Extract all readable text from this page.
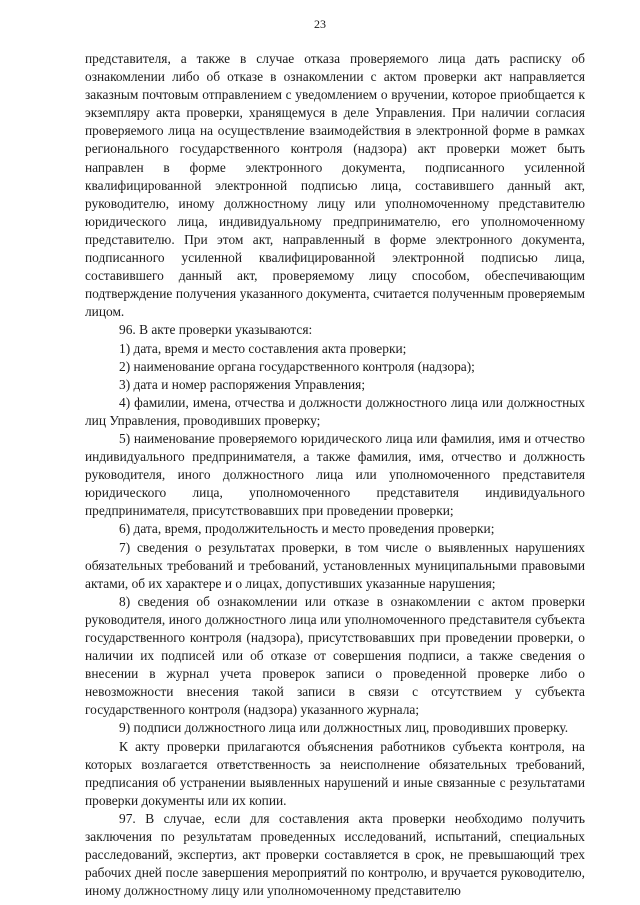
23

представителя, а также в случае отказа проверяемого лица дать расписку об ознакомлении либо об отказе в ознакомлении с актом проверки акт направляется заказным почтовым отправлением с уведомлением о вручении, которое приобщается к экземпляру акта проверки, хранящемуся в деле Управления. При наличии согласия проверяемого лица на осуществление взаимодействия в электронной форме в рамках регионального государственного контроля (надзора) акт проверки может быть направлен в форме электронного документа, подписанного усиленной квалифицированной электронной подписью лица, составившего данный акт, руководителю, иному должностному лицу или уполномоченному представителю юридического лица, индивидуальному предпринимателю, его уполномоченному представителю. При этом акт, направленный в форме электронного документа, подписанного усиленной квалифицированной электронной подписью лица, составившего данный акт, проверяемому лицу способом, обеспечивающим подтверждение получения указанного документа, считается полученным проверяемым лицом.

96. В акте проверки указываются:

1) дата, время и место составления акта проверки;

2) наименование органа государственного контроля (надзора);

3) дата и номер распоряжения Управления;

4) фамилии, имена, отчества и должности должностного лица или должностных лиц Управления, проводивших проверку;

5) наименование проверяемого юридического лица или фамилия, имя и отчество индивидуального предпринимателя, а также фамилия, имя, отчество и должность руководителя, иного должностного лица или уполномоченного представителя юридического лица, уполномоченного представителя индивидуального предпринимателя, присутствовавших при проведении проверки;

6) дата, время, продолжительность и место проведения проверки;

7) сведения о результатах проверки, в том числе о выявленных нарушениях обязательных требований и требований, установленных муниципальными правовыми актами, об их характере и о лицах, допустивших указанные нарушения;

8) сведения об ознакомлении или отказе в ознакомлении с актом проверки руководителя, иного должностного лица или уполномоченного представителя субъекта государственного контроля (надзора), присутствовавших при проведении проверки, о наличии их подписей или об отказе от совершения подписи, а также сведения о внесении в журнал учета проверок записи о проведенной проверке либо о невозможности внесения такой записи в связи с отсутствием у субъекта государственного контроля (надзора) указанного журнала;

9) подписи должностного лица или должностных лиц, проводивших проверку.

К акту проверки прилагаются объяснения работников субъекта контроля, на которых возлагается ответственность за неисполнение обязательных требований, предписания об устранении выявленных нарушений и иные связанные с результатами проверки документы или их копии.

97. В случае, если для составления акта проверки необходимо получить заключения по результатам проведенных исследований, испытаний, специальных расследований, экспертиз, акт проверки составляется в срок, не превышающий трех рабочих дней после завершения мероприятий по контролю, и вручается руководителю, иному должностному лицу или уполномоченному представителю
